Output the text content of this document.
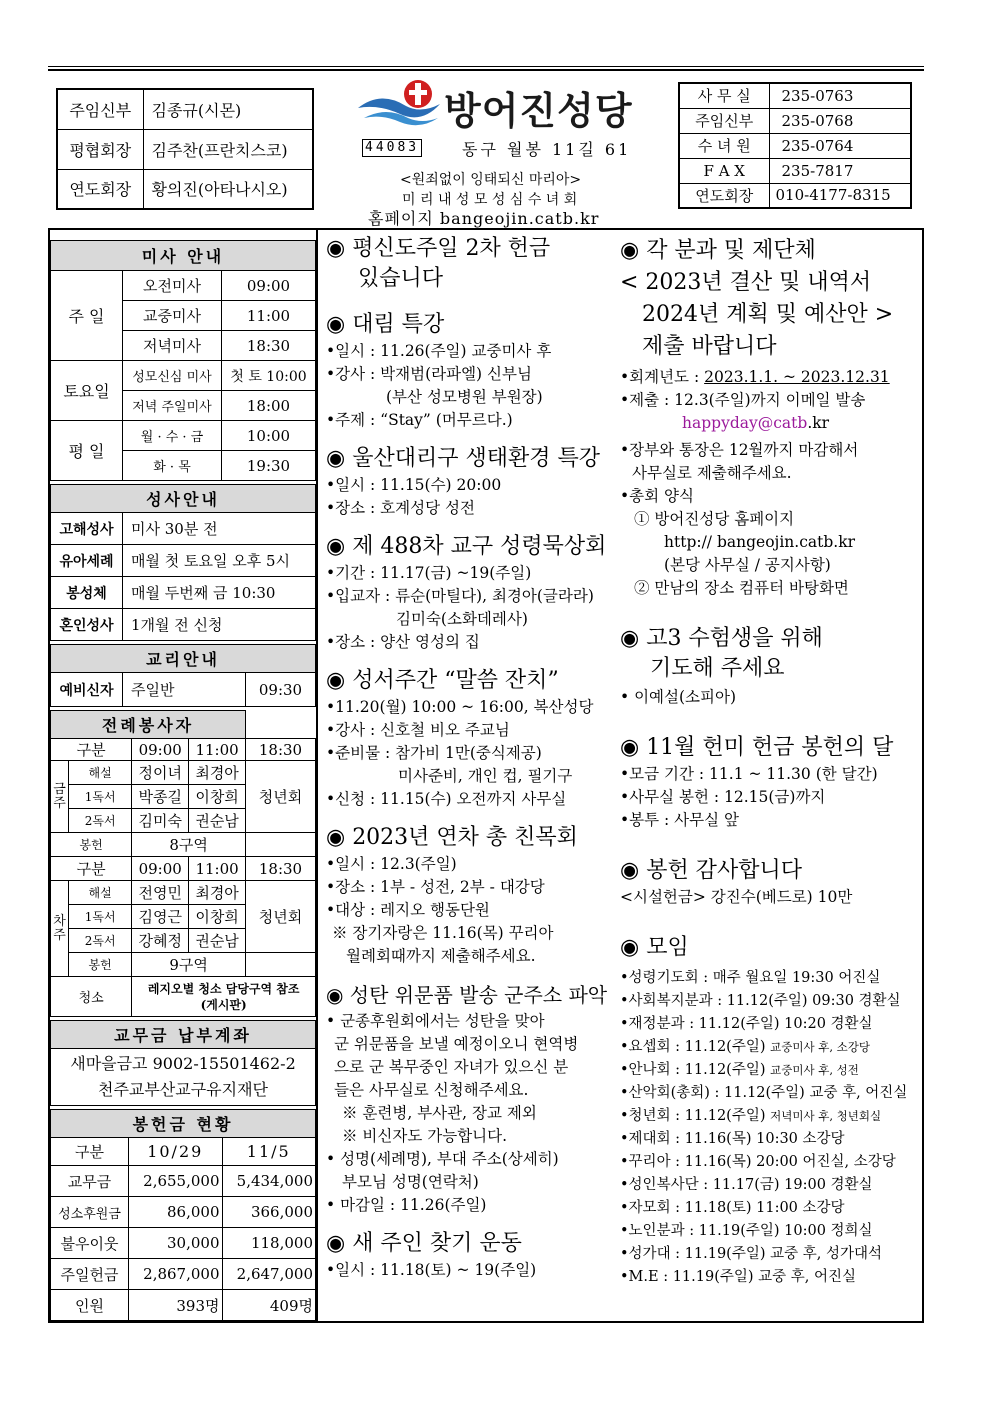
주임신부	김종규(시몬)
평협회장	김주찬(프란치스코)
연도회장	황의진(아타나시오)
방어진성당
44083	동구 월봉 11길 61
<원죄없이 잉태되신 마리아>
미 리 내 성 모 성 심 수 녀 회
홈페이지 bangeojin.catb.kr
사 무 실	235-0763
주임신부	235-0768
수 녀 원	235-0764
F A X	235-7817
연도회장	010-4177-8315
미사 안내		
주 일	오전미사	09:00
	교중미사	11:00
	저녁미사	18:30
토요일	성모신심 미사	첫 토 10:00
	저녁 주일미사	18:00
평 일	월 · 수 · 금	10:00
	화 · 목	19:30
성사안내	
고해성사	미사 30분 전
유아세례	매월 첫 토요일 오후 5시
봉성체	매월 두번째 금 10:30
혼인성사	1개월 전 신청
교리안내
예비신자	주일반	09:30
전례봉사자				
구분		09:00	11:00	18:30
금주	해설	정이녀	최경아	청년회
	1독서	박종길	이창희	
	2독서	김미숙	권순남	
봉헌		8구역		
구분		09:00	11:00	18:30
차주	해설	전영민	최경아	청년회
	1독서	김영근	이창희	
	2독서	강혜정	권순남	
	봉헌	9구역		
청소		레지오별 청소 담당구역 참조
(게시판)		
교무금 납부계좌

새마을금고 9002-15501462-2
천주교부산교구유지재단
봉헌금 현황		
구분	10/29	11/5
교무금	2,655,000	5,434,000
성소후원금	86,000	366,000
불우이웃	30,000	118,000
주일헌금	2,867,000	2,647,000
인원	393명	409명

◉ 평신도주일 2차 헌금

있습니다

◉ 대림 특강

•일시 : 11.26(주일) 교중미사 후

•강사 : 박재범(라파엘) 신부님

(부산 성모병원 부원장)

•주제 : “Stay” (머무르다.)

◉ 울산대리구 생태환경 특강

•일시 : 11.15(수) 20:00

•장소 : 호계성당 성전

◉ 제 488차 교구 성령묵상회

•기간 : 11.17(금) ~19(주일)

•입교자 : 류순(마틸다), 최경아(글라라)

김미숙(소화데레사)

•장소 : 양산 영성의 집

◉ 성서주간 “말씀 잔치”

•11.20(월) 10:00 ~ 16:00, 복산성당

•강사 : 신호철 비오 주교님

•준비물 : 참가비 1만(중식제공)

미사준비, 개인 컵, 필기구

•신청 : 11.15(수) 오전까지 사무실

◉ 2023년 연차 총 친목회

•일시 : 12.3(주일)

•장소 : 1부 - 성전, 2부 - 대강당

•대상 : 레지오 행동단원

※ 장기자랑은 11.16(목) 꾸리아

월례회때까지 제출해주세요.

◉ 성탄 위문품 발송 군주소 파악

• 군종후원회에서는 성탄을 맞아

군 위문품을 보낼 예정이오니 현역병

으로 군 복무중인 자녀가 있으신 분

들은 사무실로 신청해주세요.

※ 훈련병, 부사관, 장교 제외

※ 비신자도 가능합니다.

• 성명(세례명), 부대 주소(상세히)

부모님 성명(연락처)

• 마감일 : 11.26(주일)

◉ 새 주인 찾기 운동

•일시 : 11.18(토) ~ 19(주일)

◉ 각 분과 및 제단체

< 2023년 결산 및 내역서

2024년 계획 및 예산안 >

제출 바랍니다

•회계년도 : 2023.1.1. ~ 2023.12.31

•제출 : 12.3(주일)까지 이메일 발송

happyday@catb.kr

•장부와 통장은 12월까지 마감해서

사무실로 제출해주세요.

•총회 양식

① 방어진성당 홈페이지

http:// bangeojin.catb.kr

(본당 사무실 / 공지사항)

② 만남의 장소 컴퓨터 바탕화면

◉ 고3 수험생을 위해

기도해 주세요

• 이예설(소피아)

◉ 11월 헌미 헌금 봉헌의 달

•모금 기간 : 11.1 ~ 11.30 (한 달간)

•사무실 봉헌 : 12.15(금)까지

•봉투 : 사무실 앞

◉ 봉헌 감사합니다

<시설헌금> 강진수(베드로) 10만

◉ 모임

•성령기도회 : 매주 월요일 19:30 어진실

•사회복지분과 : 11.12(주일) 09:30 경환실

•재정분과 : 11.12(주일) 10:20 경환실

•요셉회 : 11.12(주일) 교중미사 후, 소강당

•안나회 : 11.12(주일) 교중미사 후, 성전

•산악회(총회) : 11.12(주일) 교중 후, 어진실

•청년회 : 11.12(주일) 저녁미사 후, 청년회실

•제대회 : 11.16(목) 10:30 소강당

•꾸리아 : 11.16(목) 20:00 어진실, 소강당

•성인복사단 : 11.17(금) 19:00 경환실

•자모회 : 11.18(토) 11:00 소강당

•노인분과 : 11.19(주일) 10:00 정희실

•성가대 : 11.19(주일) 교중 후, 성가대석

•M.E : 11.19(주일) 교중 후, 어진실
